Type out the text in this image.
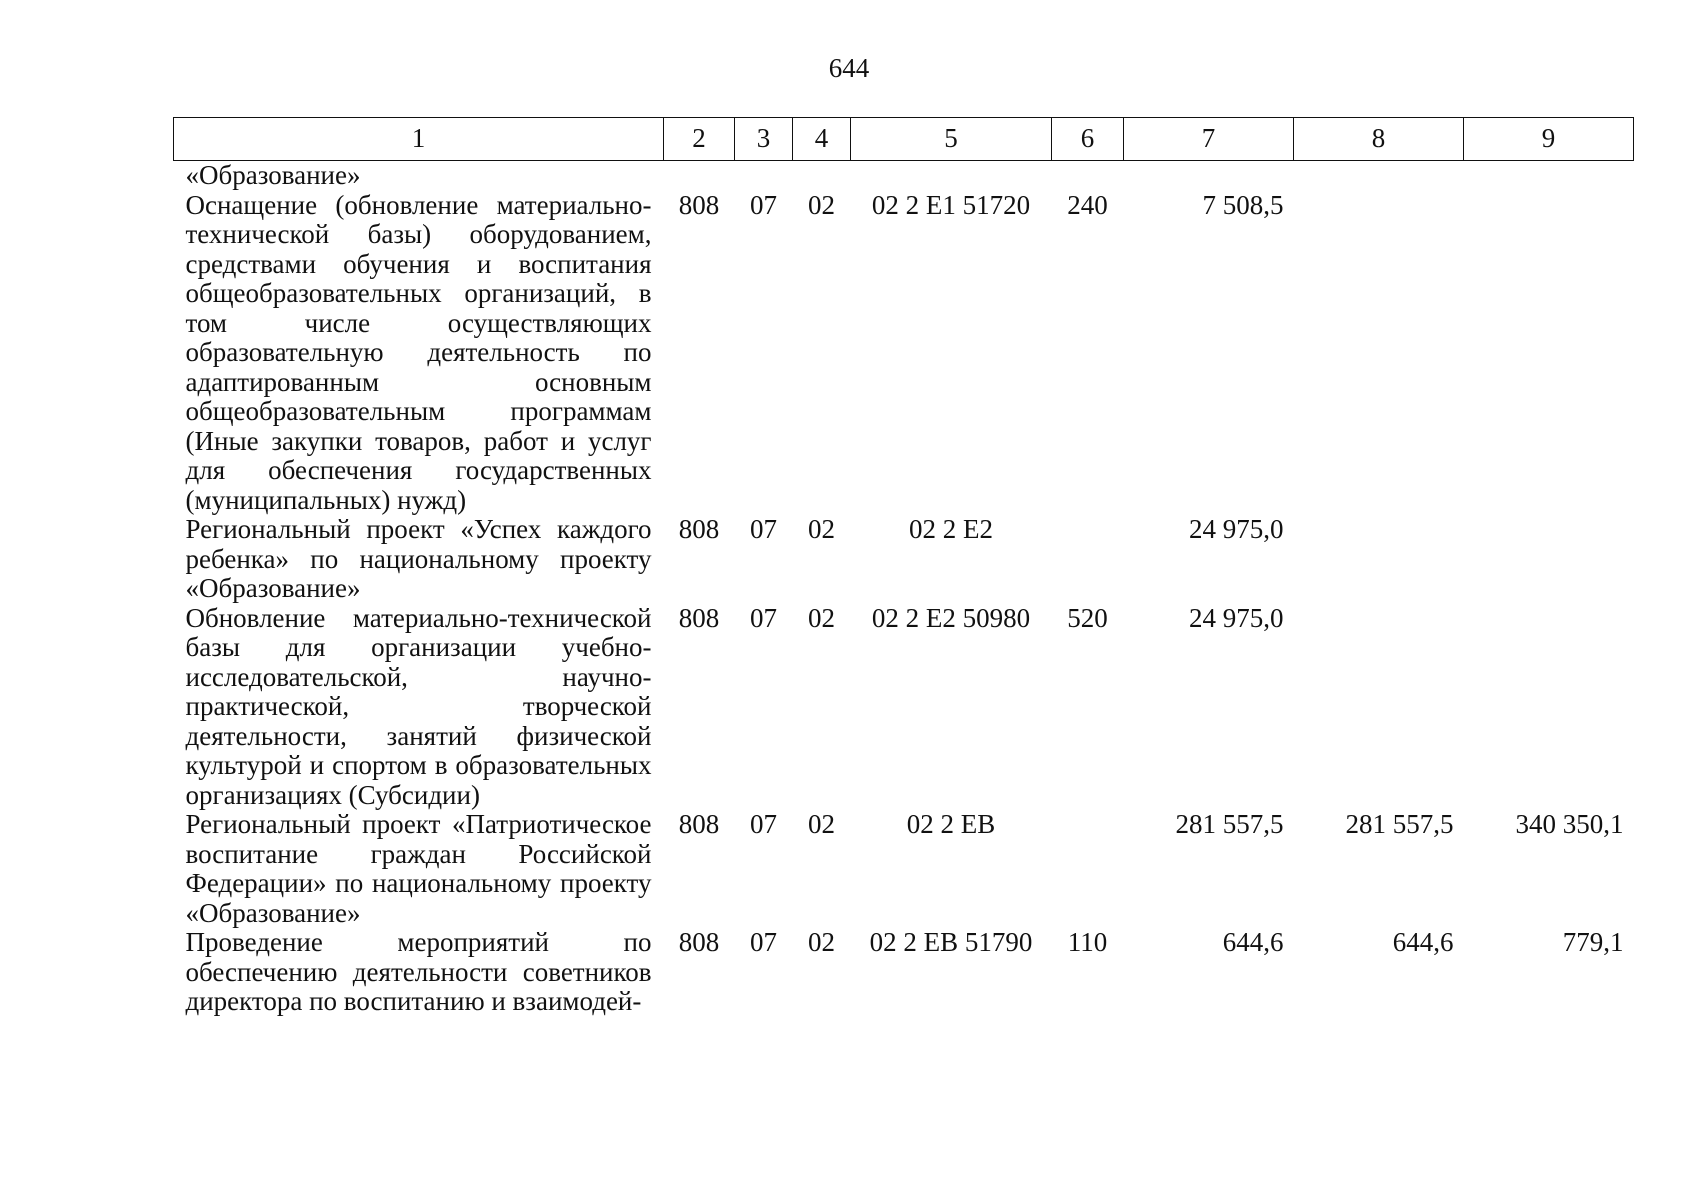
644
1	2	3	4	5	6	7	8	9
«Образование»								
Оснащение (обновление материально-технической базы) оборудованием, средствами обучения и воспитания общеобразовательных организаций, в том числе осуществляющих образовательную деятельность по адаптированным основным общеобразовательным программам (Иные закупки товаров, работ и услуг для обеспечения государственных (муниципальных) нужд)	808	07	02	02 2 Е1 51720	240	7 508,5		
Региональный проект «Успех каждого ребенка» по национальному проекту «Образование»	808	07	02	02 2 Е2		24 975,0		
Обновление материально-технической базы для организации учебно-исследовательской, научно-практической, творческой деятельности, занятий физической культурой и спортом в образовательных организациях (Субсидии)	808	07	02	02 2 Е2 50980	520	24 975,0		
Региональный проект «Патриотическое воспитание граждан Российской Федерации» по национальному проекту «Образование»	808	07	02	02 2 ЕВ		281 557,5	281 557,5	340 350,1
Проведение мероприятий по обеспечению деятельности советников директора по воспитанию и взаимодей-	808	07	02	02 2 ЕВ 51790	110	644,6	644,6	779,1
